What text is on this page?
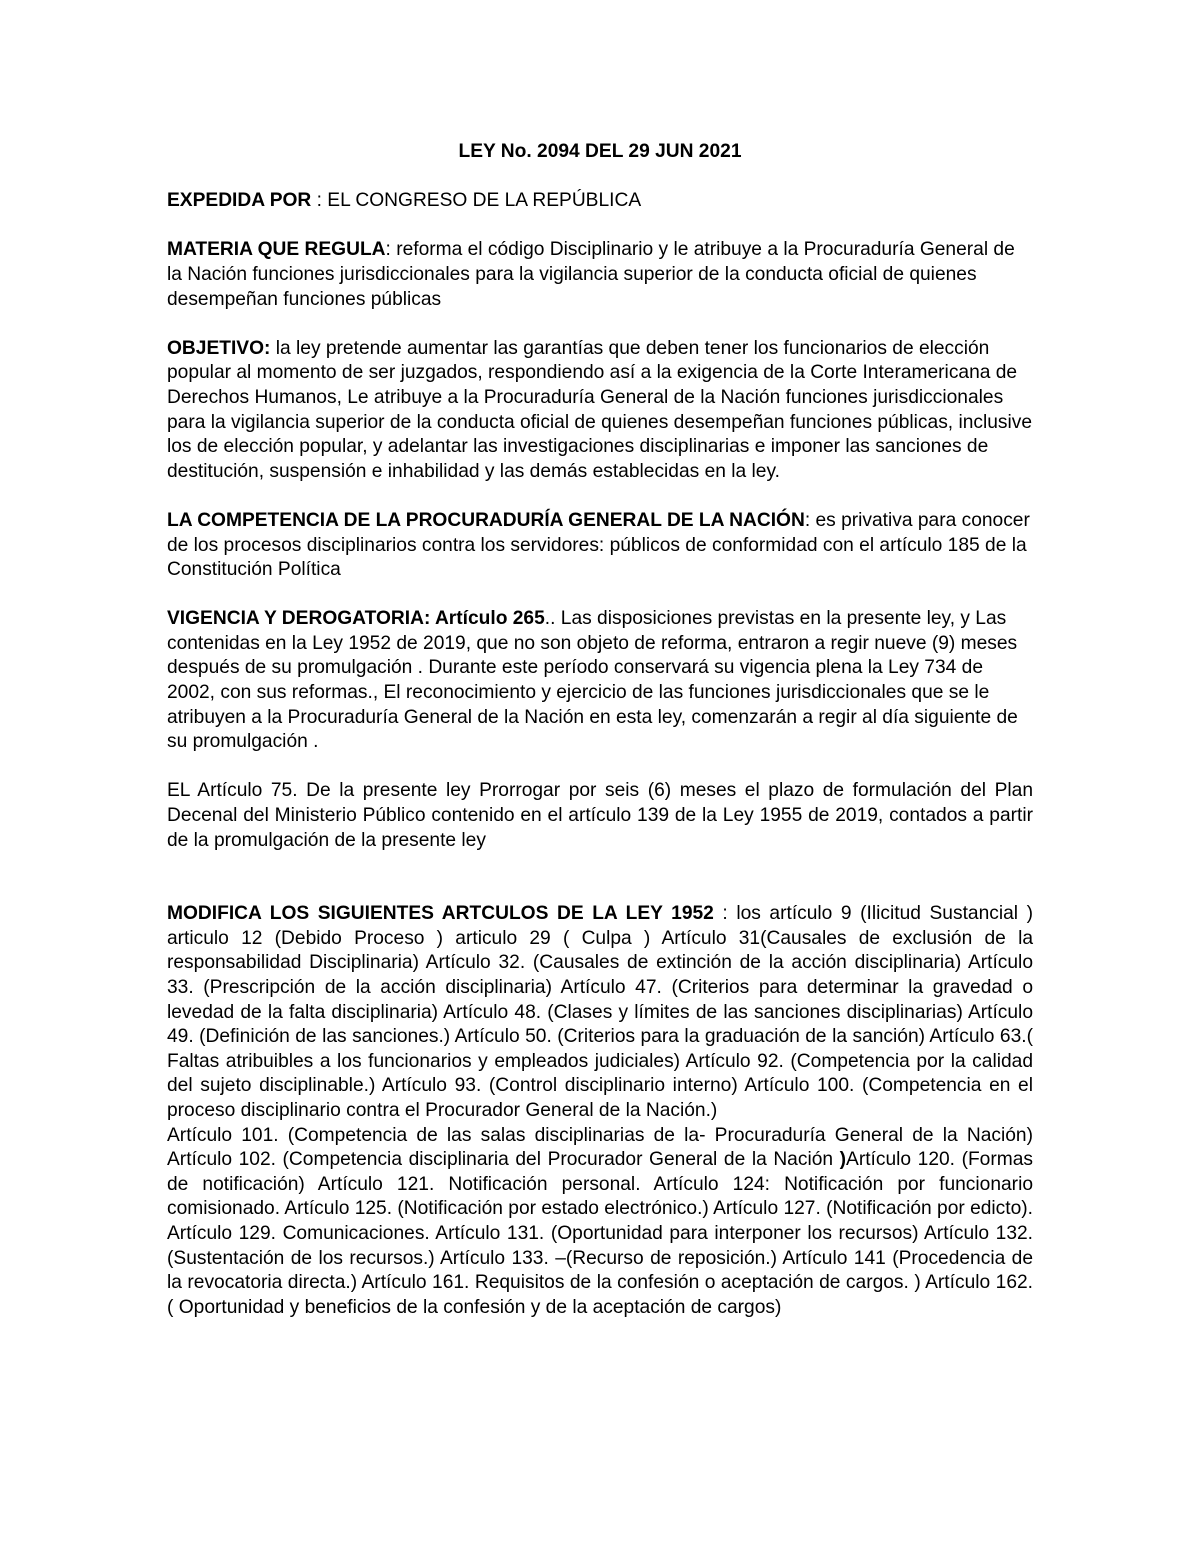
LEY No. 2094 DEL 29 JUN 2021

EXPEDIDA POR : EL CONGRESO DE LA REPÚBLICA

MATERIA QUE REGULA: reforma el código Disciplinario y le atribuye a la Procuraduría General de la Nación funciones jurisdiccionales para la vigilancia superior de la conducta oficial de quienes desempeñan funciones públicas

OBJETIVO: la ley pretende aumentar las garantías que deben tener los funcionarios de elección popular al momento de ser juzgados, respondiendo así a la exigencia de la Corte Interamericana de Derechos Humanos, Le atribuye a la Procuraduría General de la Nación funciones jurisdiccionales para la vigilancia superior de la conducta oficial de quienes desempeñan funciones públicas, inclusive los de elección popular, y adelantar las investigaciones disciplinarias e imponer las sanciones de destitución, suspensión e inhabilidad y las demás establecidas en la ley.

LA COMPETENCIA DE LA PROCURADURÍA GENERAL DE LA NACIÓN: es privativa para conocer de los procesos disciplinarios contra los servidores: públicos de conformidad con el artículo 185 de la Constitución Política

VIGENCIA Y DEROGATORIA: Artículo 265.. Las disposiciones previstas en la presente ley, y Las contenidas en la Ley 1952 de 2019, que no son objeto de reforma, entraron a regir nueve (9) meses después de su promulgación . Durante este período conservará su vigencia plena la Ley 734 de 2002, con sus reformas., El reconocimiento y ejercicio de las funciones jurisdiccionales que se le atribuyen a la Procuraduría General de la Nación en esta ley, comenzarán a regir al día siguiente de su promulgación .

EL Artículo 75. De la presente ley Prorrogar por seis (6) meses el plazo de formulación del Plan Decenal del Ministerio Público contenido en el artículo 139 de la Ley 1955 de 2019, contados a partir de la promulgación de la presente ley

MODIFICA LOS SIGUIENTES ARTCULOS DE LA LEY 1952 : los artículo 9 (Ilicitud Sustancial ) articulo 12 (Debido Proceso ) articulo 29 ( Culpa ) Artículo 31(Causales de exclusión de la responsabilidad Disciplinaria) Artículo 32. (Causales de extinción de la acción disciplinaria) Artículo 33. (Prescripción de la acción disciplinaria) Artículo 47. (Criterios para determinar la gravedad o levedad de la falta disciplinaria) Artículo 48. (Clases y límites de las sanciones disciplinarias) Artículo 49. (Definición de las sanciones.) Artículo 50. (Criterios para la graduación de la sanción) Artículo 63.( Faltas atribuibles a los funcionarios y empleados judiciales) Artículo 92. (Competencia por la calidad del sujeto disciplinable.) Artículo 93. (Control disciplinario interno) Artículo 100. (Competencia en el proceso disciplinario contra el Procurador General de la Nación.)

Artículo 101. (Competencia de las salas disciplinarias de la- Procuraduría General de la Nación) Artículo 102. (Competencia disciplinaria del Procurador General de la Nación )Artículo 120. (Formas de notificación) Artículo 121. Notificación personal. Artículo 124: Notificación por funcionario comisionado. Artículo 125. (Notificación por estado electrónico.) Artículo 127. (Notificación por edicto). Artículo 129. Comunicaciones. Artículo 131. (Oportunidad para interponer los recursos) Artículo 132. (Sustentación de los recursos.) Artículo 133. –(Recurso de reposición.) Artículo 141 (Procedencia de la revocatoria directa.) Artículo 161. Requisitos de la confesión o aceptación de cargos. ) Artículo 162.( Oportunidad y beneficios de la confesión y de la aceptación de cargos)
